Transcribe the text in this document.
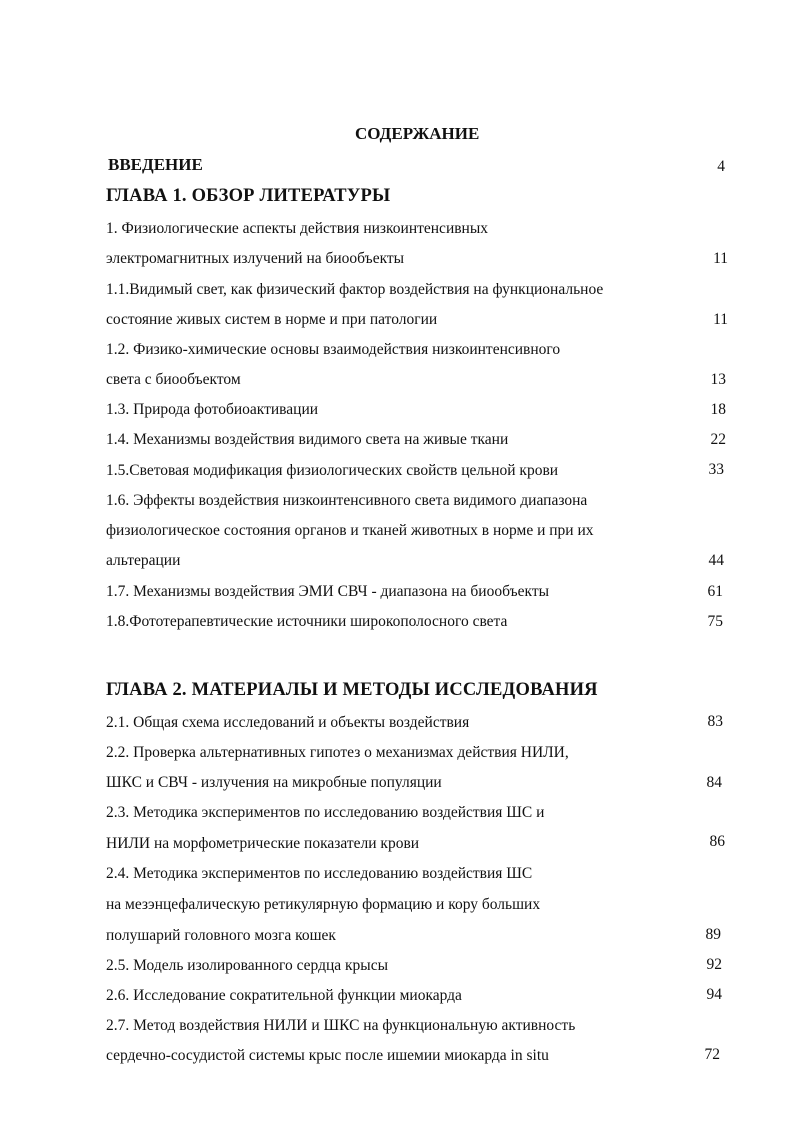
СОДЕРЖАНИЕ
ВВЕДЕНИЕ	4
ГЛАВА 1. ОБЗОР ЛИТЕРАТУРЫ
1. Физиологические аспекты действия низкоинтенсивных
электромагнитных излучений на биообъекты	11
1.1.Видимый свет, как физический фактор воздействия на функциональное
состояние живых систем в норме и при патологии	11
1.2. Физико-химические основы взаимодействия низкоинтенсивного
света с биообъектом	13
1.3. Природа фотобиоактивации	18
1.4. Механизмы воздействия видимого света на живые ткани	22
1.5.Световая модификация физиологических свойств цельной крови	33
1.6. Эффекты воздействия низкоинтенсивного света видимого диапазона
физиологическое состояния органов и тканей животных в норме и при их
альтерации	44
1.7. Механизмы воздействия ЭМИ СВЧ - диапазона на биообъекты	61
1.8.Фототерапевтические источники широкополосного света	75
ГЛАВА 2. МАТЕРИАЛЫ И МЕТОДЫ ИССЛЕДОВАНИЯ
2.1. Общая схема исследований и объекты воздействия	83
2.2. Проверка альтернативных гипотез о механизмах действия НИЛИ,
ШКС и СВЧ - излучения на микробные популяции	84
2.3. Методика экспериментов по исследованию воздействия ШС и
НИЛИ на морфометрические показатели крови	86
2.4. Методика экспериментов по исследованию воздействия ШС
на мезэнцефалическую ретикулярную формацию и кору больших
полушарий головного мозга кошек	89
2.5. Модель изолированного сердца крысы	92
2.6. Исследование сократительной функции миокарда	94
2.7. Метод воздействия НИЛИ и ШКС на функциональную активность
сердечно-сосудистой системы крыс после ишемии миокарда in situ	72
